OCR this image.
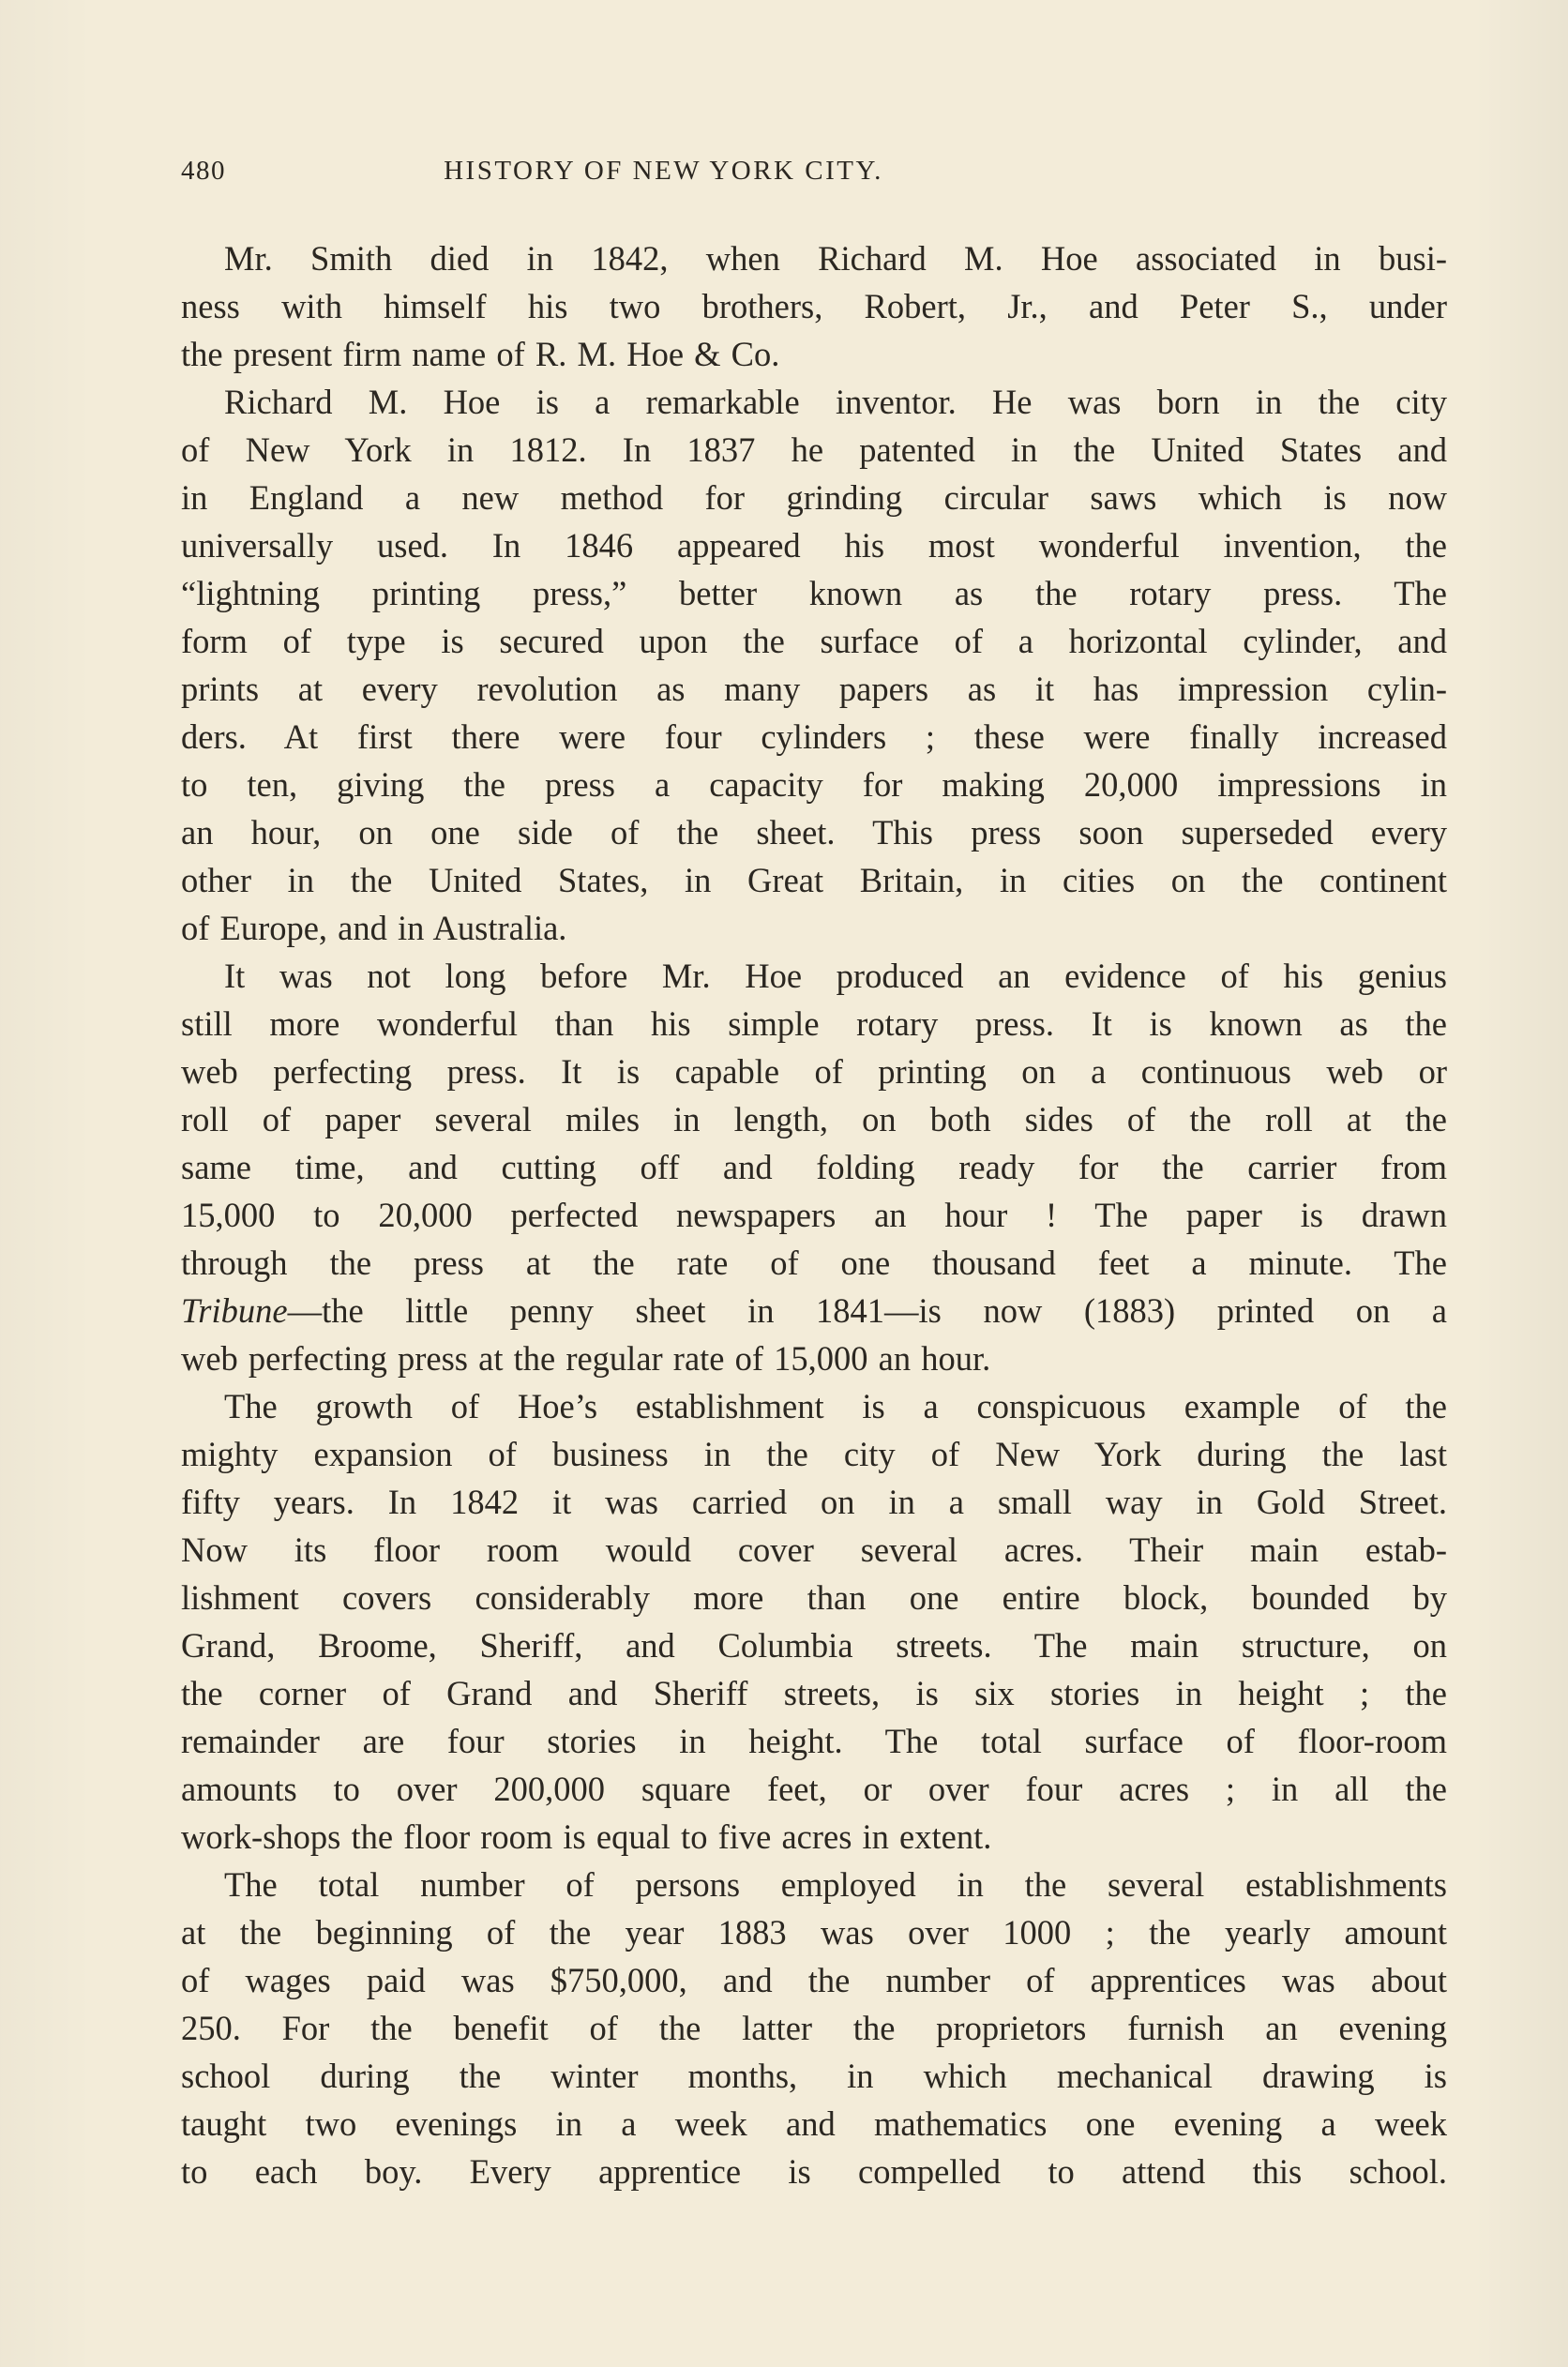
480	HISTORY OF NEW YORK CITY.

Mr. Smith died in 1842, when Richard M. Hoe associated in busi-
ness with himself his two brothers, Robert, Jr., and Peter S., under
the present firm name of R. M. Hoe & Co.

Richard M. Hoe is a remarkable inventor. He was born in the city
of New York in 1812. In 1837 he patented in the United States and
in England a new method for grinding circular saws which is now
universally used. In 1846 appeared his most wonderful invention, the
“lightning printing press,” better known as the rotary press. The
form of type is secured upon the surface of a horizontal cylinder, and
prints at every revolution as many papers as it has impression cylin-
ders. At first there were four cylinders ; these were finally increased
to ten, giving the press a capacity for making 20,000 impressions in
an hour, on one side of the sheet. This press soon superseded every
other in the United States, in Great Britain, in cities on the continent
of Europe, and in Australia.

It was not long before Mr. Hoe produced an evidence of his genius
still more wonderful than his simple rotary press. It is known as the
web perfecting press. It is capable of printing on a continuous web or
roll of paper several miles in length, on both sides of the roll at the
same time, and cutting off and folding ready for the carrier from
15,000 to 20,000 perfected newspapers an hour ! The paper is drawn
through the press at the rate of one thousand feet a minute. The
Tribune—the little penny sheet in 1841—is now (1883) printed on a
web perfecting press at the regular rate of 15,000 an hour.

The growth of Hoe’s establishment is a conspicuous example of the
mighty expansion of business in the city of New York during the last
fifty years. In 1842 it was carried on in a small way in Gold Street.
Now its floor room would cover several acres. Their main estab-
lishment covers considerably more than one entire block, bounded by
Grand, Broome, Sheriff, and Columbia streets. The main structure, on
the corner of Grand and Sheriff streets, is six stories in height ; the
remainder are four stories in height. The total surface of floor-room
amounts to over 200,000 square feet, or over four acres ; in all the
work-shops the floor room is equal to five acres in extent.

The total number of persons employed in the several establishments
at the beginning of the year 1883 was over 1000 ; the yearly amount
of wages paid was $750,000, and the number of apprentices was about
250. For the benefit of the latter the proprietors furnish an evening
school during the winter months, in which mechanical drawing is
taught two evenings in a week and mathematics one evening a week
to each boy. Every apprentice is compelled to attend this school.
